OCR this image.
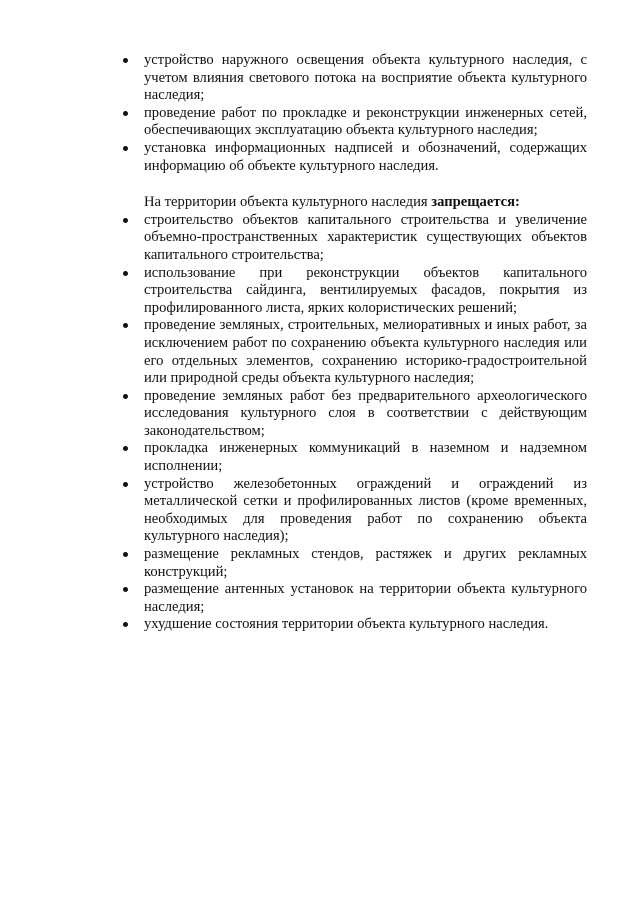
устройство наружного освещения объекта культурного наследия, с учетом влияния светового потока на восприятие объекта культурного наследия;
проведение работ по прокладке и реконструкции инженерных сетей, обеспечивающих эксплуатацию объекта культурного наследия;
установка информационных надписей и обозначений, содержащих информацию об объекте культурного наследия.

На территории объекта культурного наследия запрещается:

строительство объектов капитального строительства и увеличение объемно-пространственных характеристик существующих объектов капитального строительства;
использование при реконструкции объектов капитального строительства сайдинга, вентилируемых фасадов, покрытия из профилированного листа, ярких колористических решений;
проведение земляных, строительных, мелиоративных и иных работ, за исключением работ по сохранению объекта культурного наследия или его отдельных элементов, сохранению историко-градостроительной или природной среды объекта культурного наследия;
проведение земляных работ без предварительного археологического исследования культурного слоя в соответствии с действующим законодательством;
прокладка инженерных коммуникаций в наземном и надземном исполнении;
устройство железобетонных ограждений и ограждений из металлической сетки и профилированных листов (кроме временных, необходимых для проведения работ по сохранению объекта культурного наследия);
размещение рекламных стендов, растяжек и других рекламных конструкций;
размещение антенных установок на территории объекта культурного наследия;
ухудшение состояния территории объекта культурного наследия.
